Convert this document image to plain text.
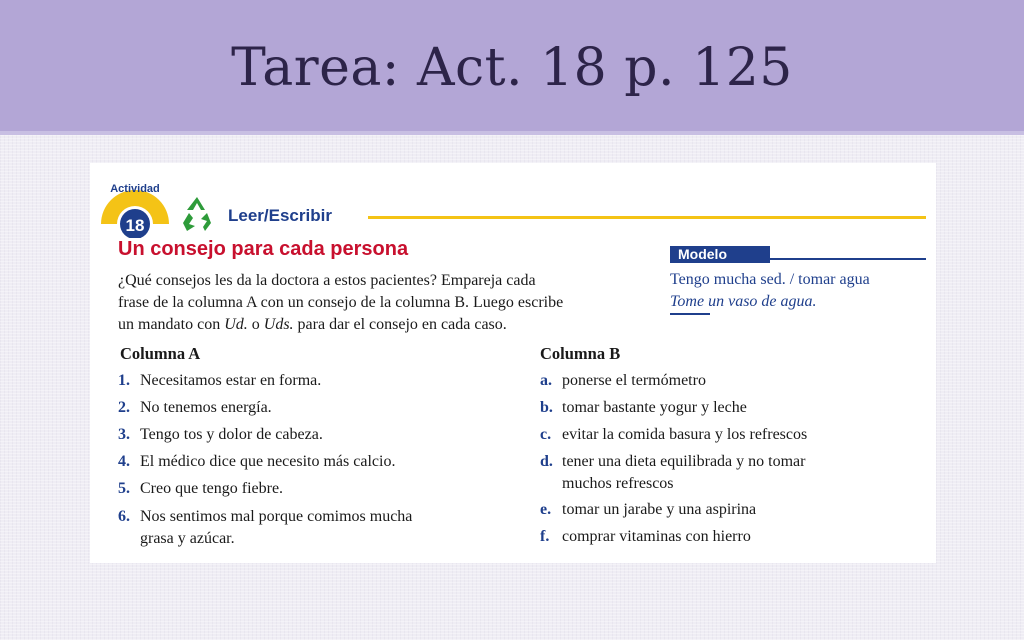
Tarea: Act. 18 p. 125
Actividad
18
Leer/Escribir
Un consejo para cada persona
¿Qué consejos les da la doctora a estos pacientes? Empareja cada
frase de la columna A con un consejo de la columna B. Luego escribe
un mandato con Ud. o Uds. para dar el consejo en cada caso.
Modelo
Tengo mucha sed. / tomar agua
Tome un vaso de agua.
Columna A	Columna B
1. Necesitamos estar en forma.
2. No tenemos energía.
3. Tengo tos y dolor de cabeza.
4. El médico dice que necesito más calcio.
5. Creo que tengo fiebre.
6. Nos sentimos mal porque comimos mucha
grasa y azúcar.
a. ponerse el termómetro
b. tomar bastante yogur y leche
c. evitar la comida basura y los refrescos
d. tener una dieta equilibrada y no tomar
muchos refrescos
e. tomar un jarabe y una aspirina
f. comprar vitaminas con hierro
